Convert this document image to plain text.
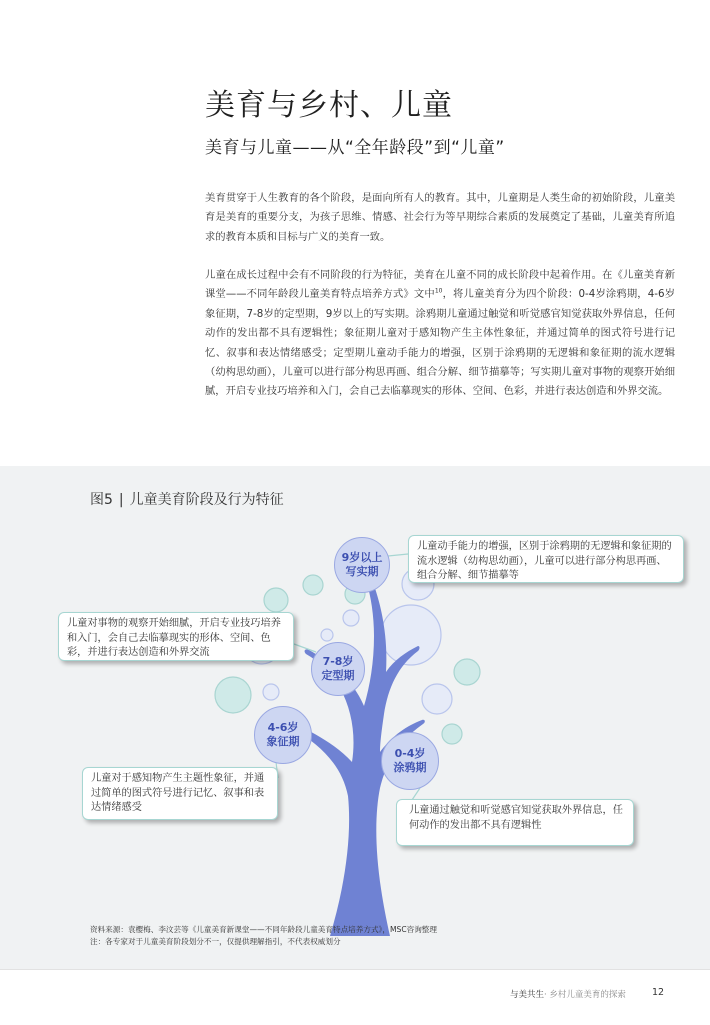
美育与乡村、儿童
美育与儿童——从“全年龄段”到“儿童”
美育贯穿于人生教育的各个阶段，是面向所有人的教育。其中，儿童期是人类生命的初始阶段，儿童美育是美育的重要分支，为孩子思维、情感、社会行为等早期综合素质的发展奠定了基础，儿童美育所追求的教育本质和目标与广义的美育一致。
儿童在成长过程中会有不同阶段的行为特征，美育在儿童不同的成长阶段中起着作用。在《儿童美育新课堂——不同年龄段儿童美育特点培养方式》文中$^{10}$，将儿童美育分为四个阶段：0-4岁涂鸦期，4-6岁象征期，7-8岁的定型期，9岁以上的写实期。涂鸦期儿童通过触觉和听觉感官知觉获取外界信息，任何动作的发出都不具有逻辑性；象征期儿童对于感知物产生主体性象征，并通过简单的图式符号进行记忆、叙事和表达情绪感受；定型期儿童动手能力的增强，区别于涂鸦期的无逻辑和象征期的流水逻辑（幼构思幼画），儿童可以进行部分构思再画、组合分解、细节描摹等；写实期儿童对事物的观察开始细腻，开启专业技巧培养和入门，会自己去临摹现实的形体、空间、色彩，并进行表达创造和外界交流。
图5 | 儿童美育阶段及行为特征
9岁以上
写实期
7-8岁
定型期
4-6岁
象征期
0-4岁
涂鸦期
儿童动手能力的增强，区别于涂鸦期的无逻辑和象征期的流水逻辑（幼构思幼画），儿童可以进行部分构思再画、组合分解、细节描摹等
儿童对事物的观察开始细腻，开启专业技巧培养和入门，会自己去临摹现实的形体、空间、色彩，并进行表达创造和外界交流
儿童对于感知物产生主题性象征，并通过简单的图式符号进行记忆、叙事和表达情绪感受	儿童通过触觉和听觉感官知觉获取外界信息，任何动作的发出都不具有逻辑性
资料来源：袁樱梅、李汶芸等《儿童美育新课堂——不同年龄段儿童美育特点培养方式》，MSC咨询整理
注：各专家对于儿童美育阶段划分不一，仅提供理解指引，不代表权威划分
与美共生· 乡村儿童美育的探索	12
